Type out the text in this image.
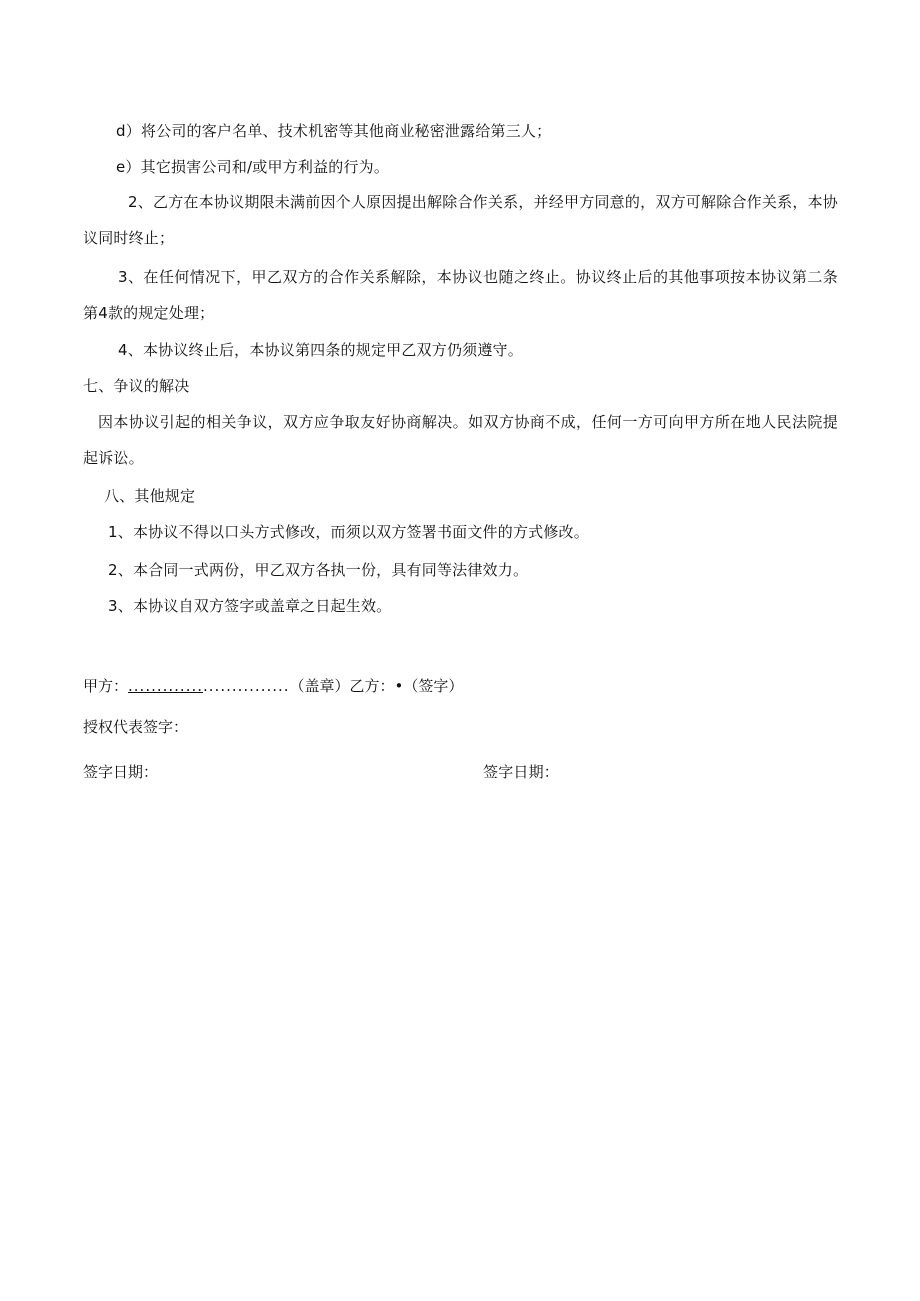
d）将公司的客户名单、技术机密等其他商业秘密泄露给第三人；
e）其它损害公司和/或甲方利益的行为。
2、乙方在本协议期限未满前因个人原因提出解除合作关系，并经甲方同意的，双方可解除合作关系，本协议同时终止；
3、在任何情况下，甲乙双方的合作关系解除，本协议也随之终止。协议终止后的其他事项按本协议第二条第4款的规定处理；
4、本协议终止后，本协议第四条的规定甲乙双方仍须遵守。
七、争议的解决
因本协议引起的相关争议，双方应争取友好协商解决。如双方协商不成，任何一方可向甲方所在地人民法院提起诉讼。
八、其他规定
1、本协议不得以口头方式修改，而须以双方签署书面文件的方式修改。
2、本合同一式两份，甲乙双方各执一份，具有同等法律效力。
3、本协议自双方签字或盖章之日起生效。
甲方：............................（盖章）乙方：•（签字）
授权代表签字：
签字日期：	签字日期：
